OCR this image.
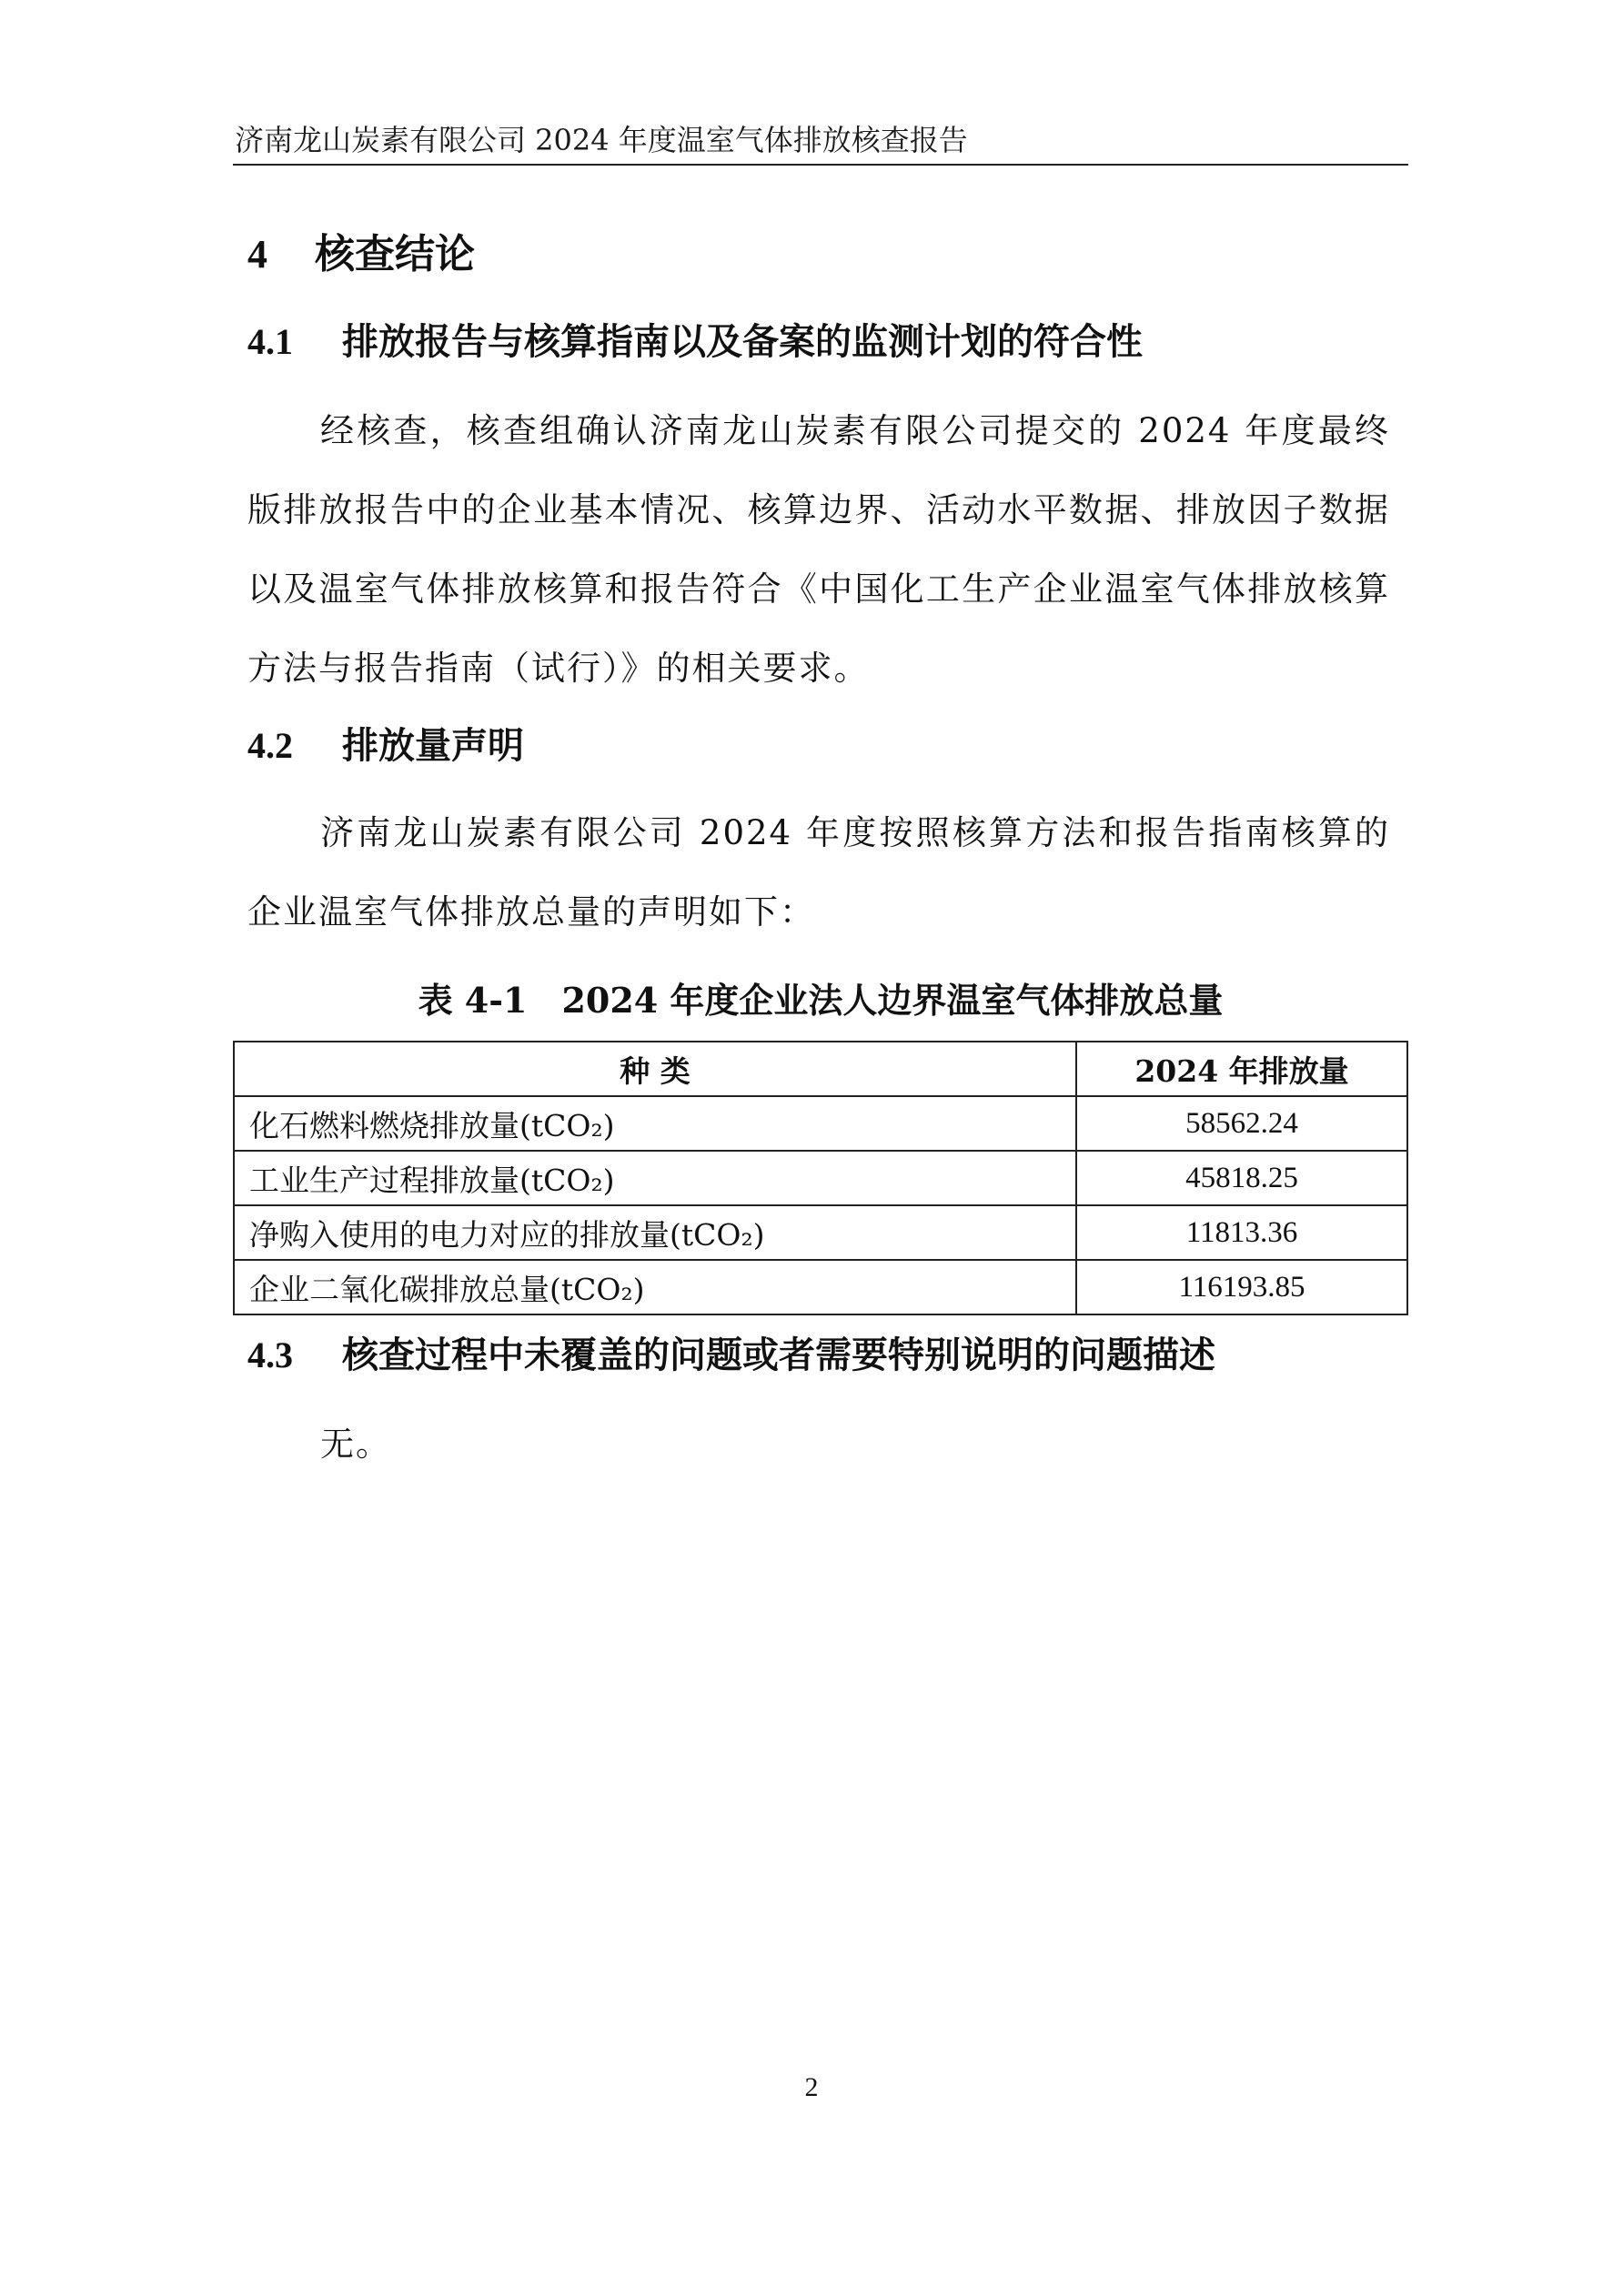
济南龙山炭素有限公司 2024 年度温室气体排放核查报告
4 核查结论
4.1 排放报告与核算指南以及备案的监测计划的符合性
经核查，核查组确认济南龙山炭素有限公司提交的 2024 年度最终版排放报告中的企业基本情况、核算边界、活动水平数据、排放因子数据以及温室气体排放核算和报告符合《中国化工生产企业温室气体排放核算方法与报告指南（试行）》的相关要求。
4.2 排放量声明
济南龙山炭素有限公司 2024 年度按照核算方法和报告指南核算的企业温室气体排放总量的声明如下：
表 4-1　2024 年度企业法人边界温室气体排放总量
种 类	2024 年排放量
化石燃料燃烧排放量(tCO₂)	58562.24
工业生产过程排放量(tCO₂)	45818.25
净购入使用的电力对应的排放量(tCO₂)	11813.36
企业二氧化碳排放总量(tCO₂)	116193.85
4.3 核查过程中未覆盖的问题或者需要特别说明的问题描述
无。
2
